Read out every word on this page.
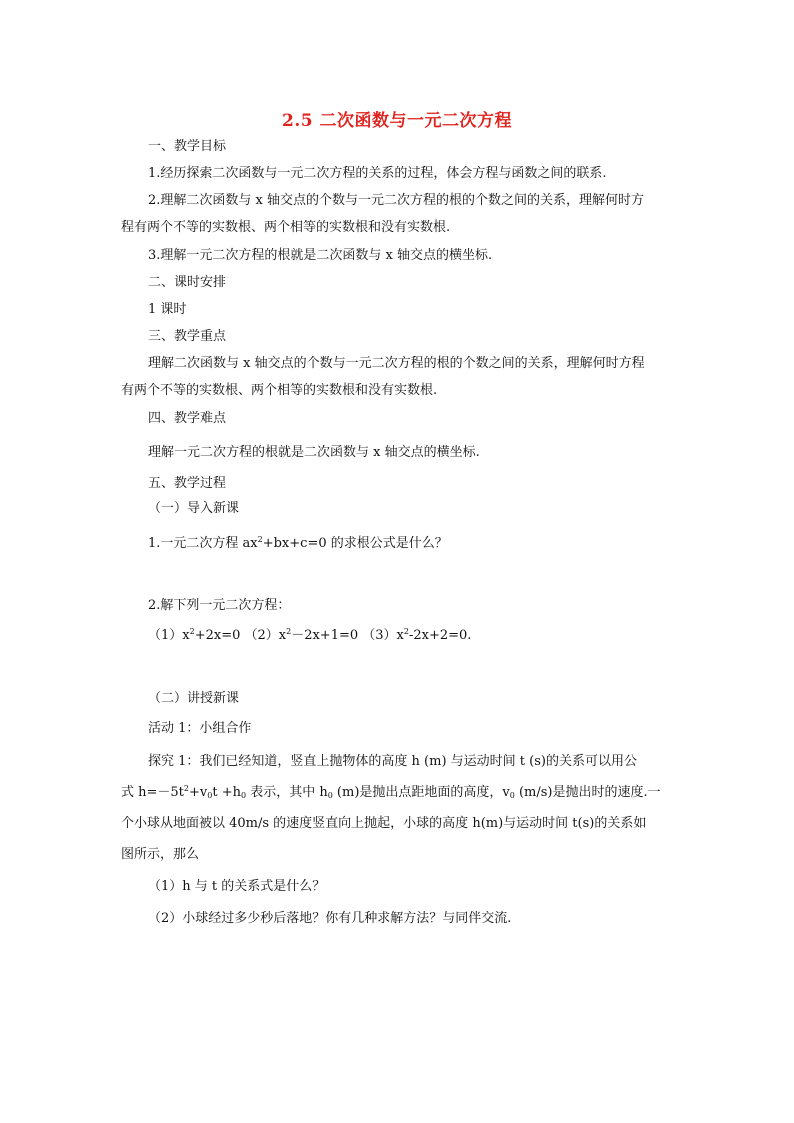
2.5 二次函数与一元二次方程
一、教学目标
1.经历探索二次函数与一元二次方程的关系的过程，体会方程与函数之间的联系.
2.理解二次函数与 x 轴交点的个数与一元二次方程的根的个数之间的关系，理解何时方
程有两个不等的实数根、两个相等的实数根和没有实数根.
3.理解一元二次方程的根就是二次函数与 x 轴交点的横坐标.
二、课时安排
1 课时
三、教学重点
理解二次函数与 x 轴交点的个数与一元二次方程的根的个数之间的关系，理解何时方程
有两个不等的实数根、两个相等的实数根和没有实数根.
四、教学难点
理解一元二次方程的根就是二次函数与 x 轴交点的横坐标.
五、教学过程
（一）导入新课
1.一元二次方程 $ax^2+bx+c=0$ 的求根公式是什么？
2.解下列一元二次方程：
$(1)x^2+2x=0$ $(2)x^2-2x+1=0$ $(3)x^2-2x+2=0$.
（二）讲授新课
活动 1：小组合作
探究 1：我们已经知道，竖直上抛物体的高度 h (m) 与运动时间 t (s)的关系可以用公
式 $h=-5t^2+v_0t +h_0$ 表示，其中 $h_0$ (m)是抛出点距地面的高度，$v_0$ (m/s)是抛出时的速度.一
个小球从地面被以 40m/s 的速度竖直向上抛起，小球的高度 h(m)与运动时间 t(s)的关系如
图所示，那么
（1）h 与 t 的关系式是什么？
（2）小球经过多少秒后落地？你有几种求解方法？与同伴交流.
